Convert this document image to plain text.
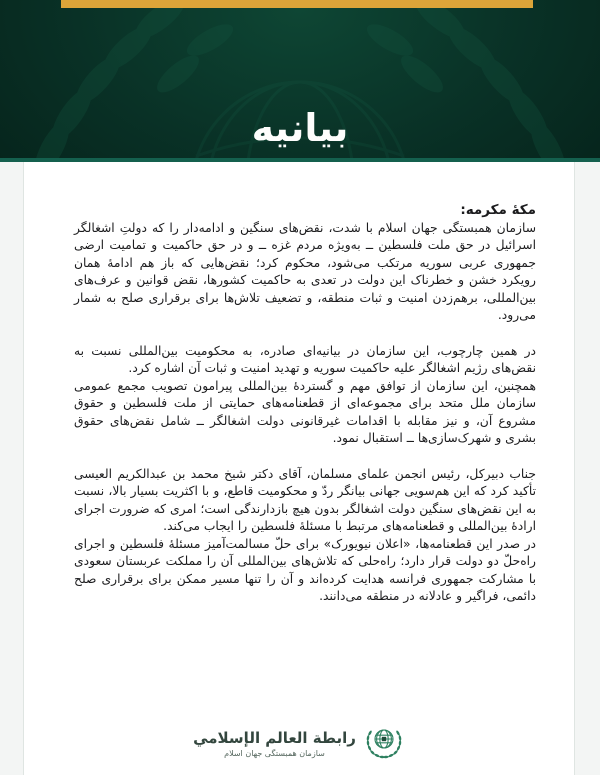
بیانیه

مکۀ مکرمه:

سازمان همبستگی جهان اسلام با شدت، نقض‌های سنگین و ادامه‌دار را که دولتِ اشغالگر اسرائیل در حق ملت فلسطین ــ به‌ویژه مردم غزه ــ و در حق حاکمیت و تمامیت ارضی جمهوری عربی سوریه مرتکب می‌شود، محکوم کرد؛ نقض‌هایی که باز هم ادامۀ همان رویکرد خشن و خطرناک این دولت در تعدی به حاکمیت کشورها، نقض قوانین و عرف‌های بین‌المللی، برهم‌زدن امنیت و ثبات منطقه، و تضعیف تلاش‌ها برای برقراری صلح به شمار می‌رود.

در همین چارچوب، این سازمان در بیانیه‌ای صادره، به محکومیت بین‌المللی نسبت به نقض‌های رژیم اشغالگر علیه حاکمیت سوریه و تهدید امنیت و ثبات آن اشاره کرد.

همچنین، این سازمان از توافق مهم و گستردۀ بین‌المللی پیرامون تصویب مجمع عمومی سازمان ملل متحد برای مجموعه‌ای از قطعنامه‌های حمایتی از ملت فلسطین و حقوق مشروع آن، و نیز مقابله با اقدامات غیرقانونی دولت اشغالگر ــ شامل نقض‌های حقوق بشری و شهرک‌سازی‌ها ــ استقبال نمود.

جناب دبیرکل، رئیس انجمن علمای مسلمان، آقای دکتر شیخ محمد بن عبدالکریم العیسی تأکید کرد که این هم‌سویی جهانی بیانگر ردّ و محکومیت قاطع، و با اکثریت بسیار بالا، نسبت به این نقض‌های سنگین دولت اشغالگر بدون هیچ بازدارندگی است؛ امری که ضرورت اجرای ارادۀ بین‌المللی و قطعنامه‌های مرتبط با مسئلۀ فلسطین را ایجاب می‌کند.

در صدر این قطعنامه‌ها، «اعلان نیویورک» برای حلّ مسالمت‌آمیز مسئلۀ فلسطین و اجرای راه‌حلّ دو دولت قرار دارد؛ راه‌حلی که تلاش‌های بین‌المللی آن را مملکت عربستان سعودی با مشارکت جمهوری فرانسه هدایت کرده‌اند و آن را تنها مسیر ممکن برای برقراری صلح دائمی، فراگیر و عادلانه در منطقه می‌دانند.

رابطة العالم الإسلامي
سازمان همبستگی جهان اسلام
